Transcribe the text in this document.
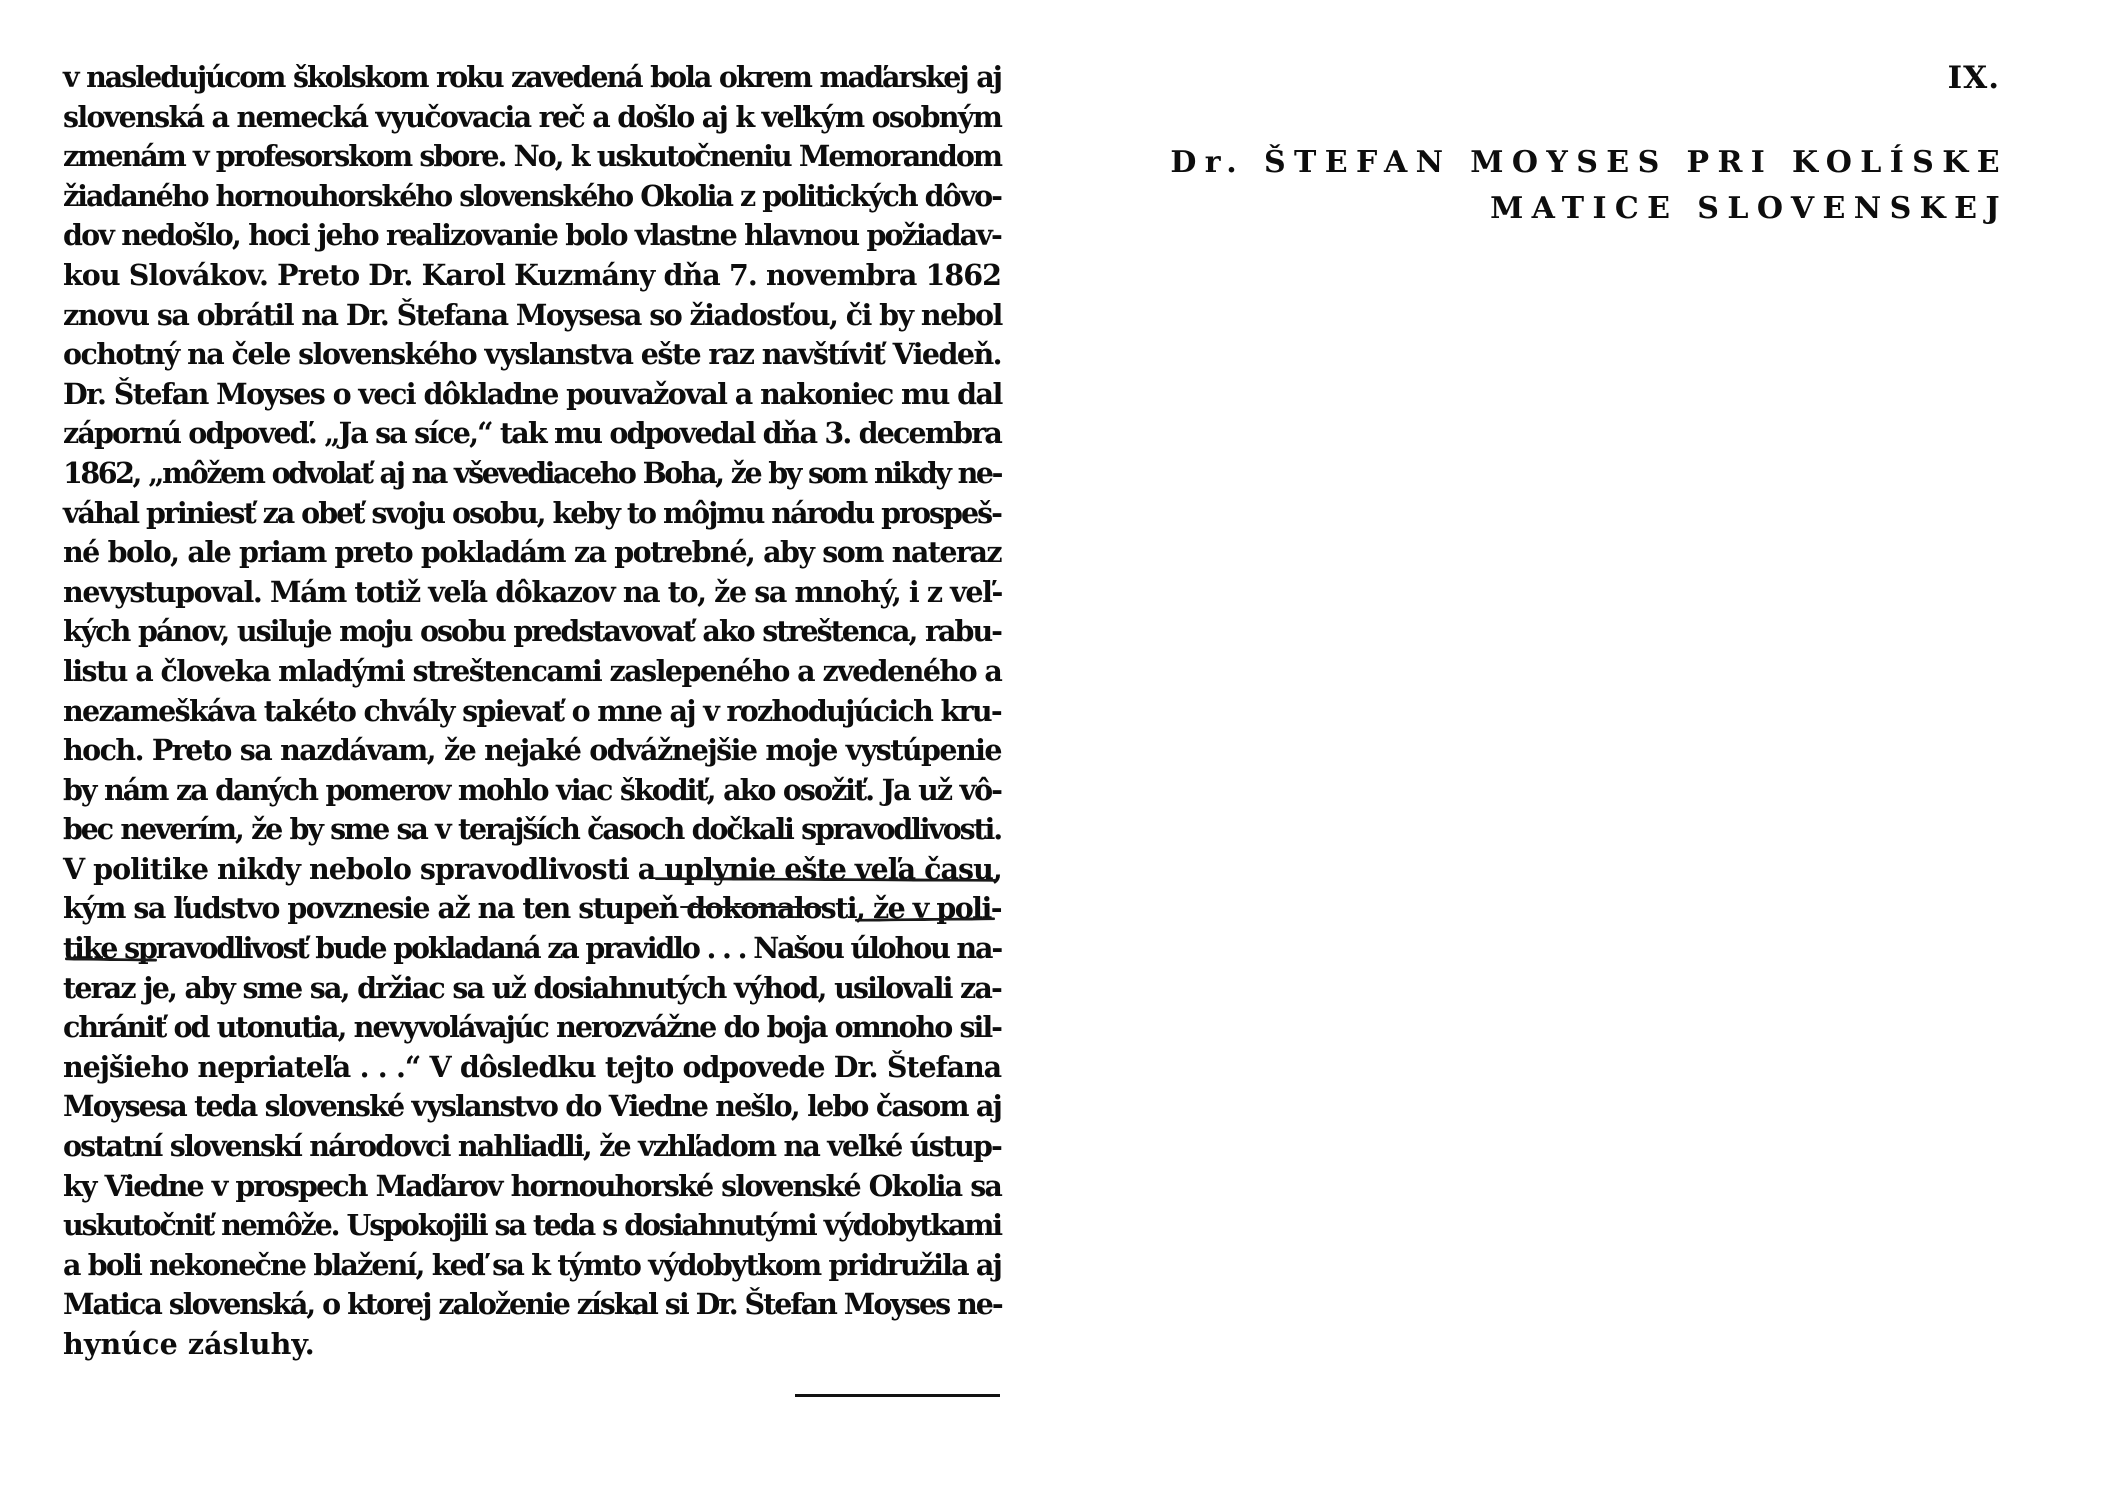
v nasledujúcom školskom roku zavedená bola okrem maďarskej aj
slovenská a nemecká vyučovacia reč a došlo aj k veľkým osobným
zmenám v profesorskom sbore. No, k uskutočneniu Memorandom
žiadaného hornouhorského slovenského Okolia z politických dôvo-
dov nedošlo, hoci jeho realizovanie bolo vlastne hlavnou požiadav-
kou Slovákov. Preto Dr. Karol Kuzmány dňa 7. novembra 1862
znovu sa obrátil na Dr. Štefana Moysesa so žiadosťou, či by nebol
ochotný na čele slovenského vyslanstva ešte raz navštíviť Viedeň.
Dr. Štefan Moyses o veci dôkladne pouvažoval a nakoniec mu dal
zápornú odpoveď. „Ja sa síce,“ tak mu odpovedal dňa 3. decembra
1862, „môžem odvolať aj na vševediaceho Boha, že by som nikdy ne-
váhal priniesť za obeť svoju osobu, keby to môjmu národu prospeš-
né bolo, ale priam preto pokladám za potrebné, aby som nateraz
nevystupoval. Mám totiž veľa dôkazov na to, že sa mnohý, i z veľ-
kých pánov, usiluje moju osobu predstavovať ako streštenca, rabu-
listu a človeka mladými streštencami zaslepeného a zvedeného a
nezameškáva takéto chvály spievať o mne aj v rozhodujúcich kru-
hoch. Preto sa nazdávam, že nejaké odvážnejšie moje vystúpenie
by nám za daných pomerov mohlo viac škodiť, ako osožiť. Ja už vô-
bec neverím, že by sme sa v terajších časoch dočkali spravodlivosti.
V politike nikdy nebolo spravodlivosti a uplynie ešte veľa času,
kým sa ľudstvo povznesie až na ten stupeň dokonalosti, že v poli-
tike spravodlivosť bude pokladaná za pravidlo . . . Našou úlohou na-
teraz je, aby sme sa, držiac sa už dosiahnutých výhod, usilovali za-
chrániť od utonutia, nevyvolávajúc nerozvážne do boja omnoho sil-
nejšieho nepriateľa . . .“ V dôsledku tejto odpovede Dr. Štefana
Moysesa teda slovenské vyslanstvo do Viedne nešlo, lebo časom aj
ostatní slovenskí národovci nahliadli, že vzhľadom na veľké ústup-
ky Viedne v prospech Maďarov hornouhorské slovenské Okolia sa
uskutočniť nemôže. Uspokojili sa teda s dosiahnutými výdobytkami
a boli nekonečne blažení, keď sa k týmto výdobytkom pridružila aj
Matica slovenská, o ktorej založenie získal si Dr. Štefan Moyses ne-
hynúce zásluhy.
IX.
Dr. ŠTEFAN MOYSES PRI KOLÍSKE
MATICE SLOVENSKEJ
